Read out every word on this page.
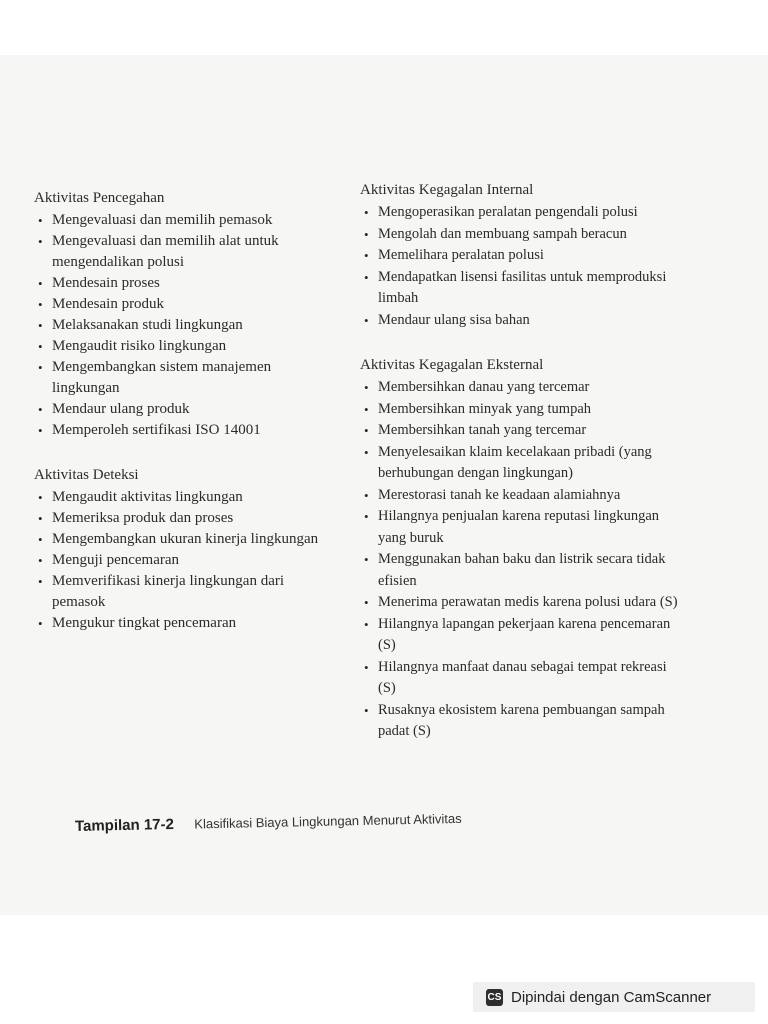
Aktivitas Pencegahan
• Mengevaluasi dan memilih pemasok
• Mengevaluasi dan memilih alat untuk mengendalikan polusi
• Mendesain proses
• Mendesain produk
• Melaksanakan studi lingkungan
• Mengaudit risiko lingkungan
• Mengembangkan sistem manajemen lingkungan
• Mendaur ulang produk
• Memperoleh sertifikasi ISO 14001
Aktivitas Deteksi
• Mengaudit aktivitas lingkungan
• Memeriksa produk dan proses
• Mengembangkan ukuran kinerja lingkungan
• Menguji pencemaran
• Memverifikasi kinerja lingkungan dari pemasok
• Mengukur tingkat pencemaran
Aktivitas Kegagalan Internal
• Mengoperasikan peralatan pengendali polusi
• Mengolah dan membuang sampah beracun
• Memelihara peralatan polusi
• Mendapatkan lisensi fasilitas untuk memproduksi limbah
• Mendaur ulang sisa bahan
Aktivitas Kegagalan Eksternal
• Membersihkan danau yang tercemar
• Membersihkan minyak yang tumpah
• Membersihkan tanah yang tercemar
• Menyelesaikan klaim kecelakaan pribadi (yang berhubungan dengan lingkungan)
• Merestorasi tanah ke keadaan alamiahnya
• Hilangnya penjualan karena reputasi lingkungan yang buruk
• Menggunakan bahan baku dan listrik secara tidak efisien
• Menerima perawatan medis karena polusi udara (S)
• Hilangnya lapangan pekerjaan karena pencemaran (S)
• Hilangnya manfaat danau sebagai tempat rekreasi (S)
• Rusaknya ekosistem karena pembuangan sampah padat (S)
Tampilan 17-2 Klasifikasi Biaya Lingkungan Menurut Aktivitas
CS Dipindai dengan CamScanner
